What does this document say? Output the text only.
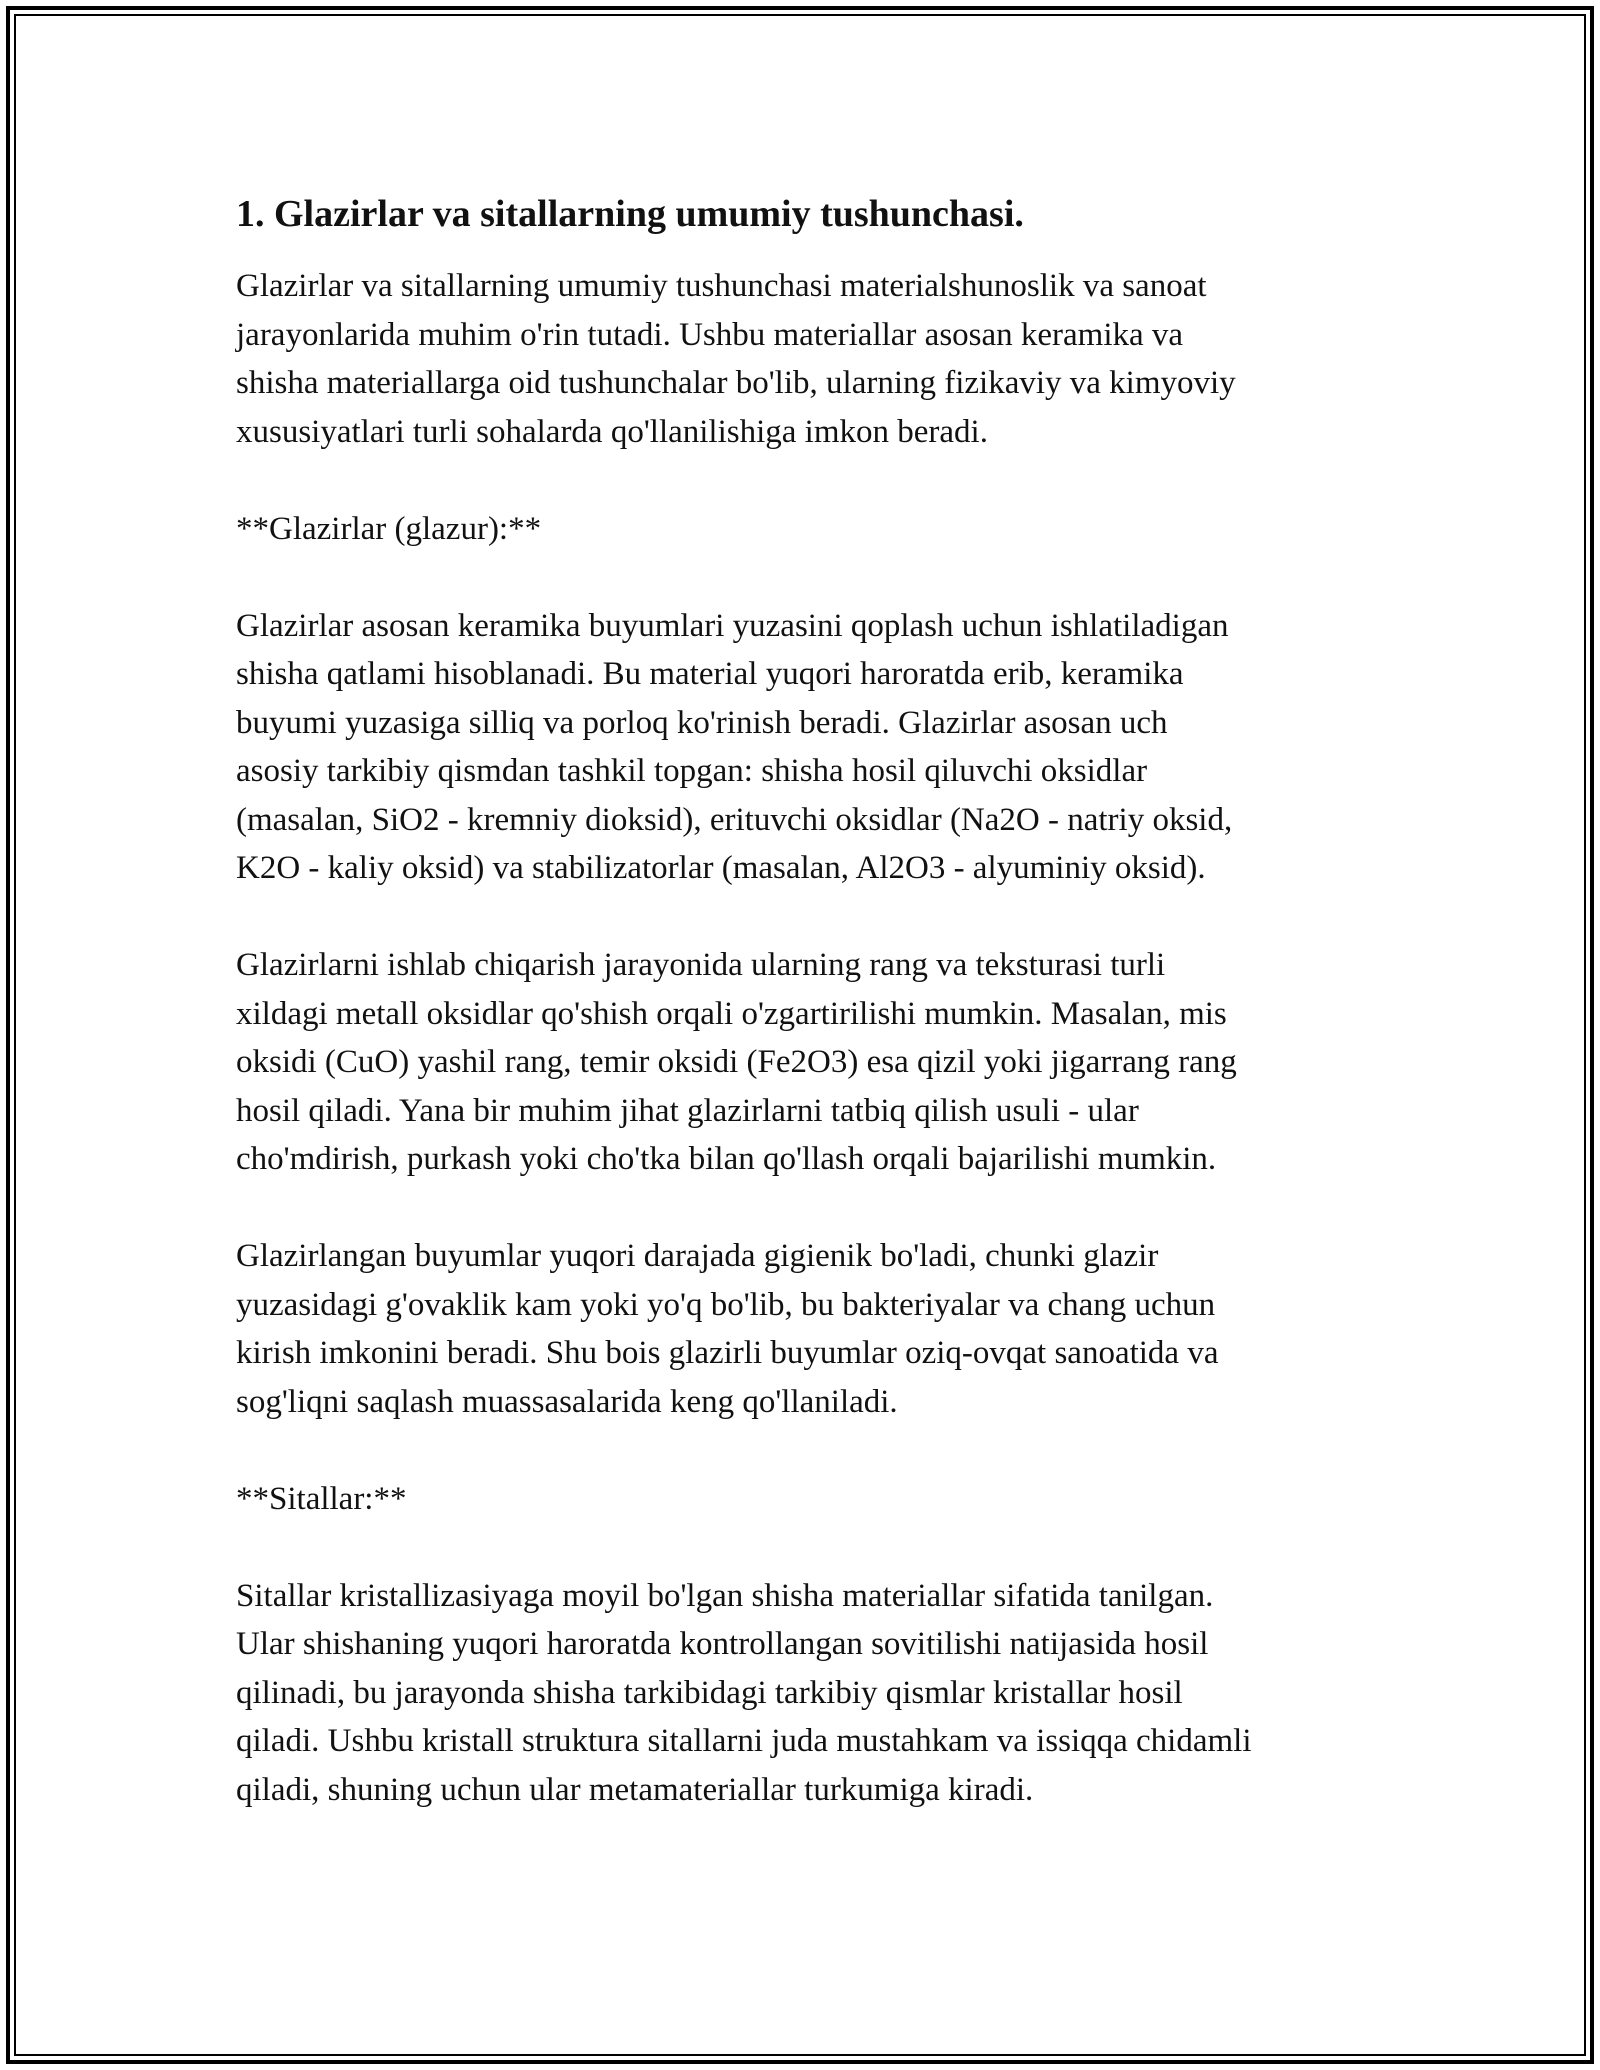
1. Glazirlar va sitallarning umumiy tushunchasi.

Glazirlar va sitallarning umumiy tushunchasi materialshunoslik va sanoat
jarayonlarida muhim o'rin tutadi. Ushbu materiallar asosan keramika va
shisha materiallarga oid tushunchalar bo'lib, ularning fizikaviy va kimyoviy
xususiyatlari turli sohalarda qo'llanilishiga imkon beradi.

**Glazirlar (glazur):**

Glazirlar asosan keramika buyumlari yuzasini qoplash uchun ishlatiladigan
shisha qatlami hisoblanadi. Bu material yuqori haroratda erib, keramika
buyumi yuzasiga silliq va porloq ko'rinish beradi. Glazirlar asosan uch
asosiy tarkibiy qismdan tashkil topgan: shisha hosil qiluvchi oksidlar
(masalan, SiO2 - kremniy dioksid), erituvchi oksidlar (Na2O - natriy oksid,
K2O - kaliy oksid) va stabilizatorlar (masalan, Al2O3 - alyuminiy oksid).

Glazirlarni ishlab chiqarish jarayonida ularning rang va teksturasi turli
xildagi metall oksidlar qo'shish orqali o'zgartirilishi mumkin. Masalan, mis
oksidi (CuO) yashil rang, temir oksidi (Fe2O3) esa qizil yoki jigarrang rang
hosil qiladi. Yana bir muhim jihat glazirlarni tatbiq qilish usuli - ular
cho'mdirish, purkash yoki cho'tka bilan qo'llash orqali bajarilishi mumkin.

Glazirlangan buyumlar yuqori darajada gigienik bo'ladi, chunki glazir
yuzasidagi g'ovaklik kam yoki yo'q bo'lib, bu bakteriyalar va chang uchun
kirish imkonini beradi. Shu bois glazirli buyumlar oziq-ovqat sanoatida va
sog'liqni saqlash muassasalarida keng qo'llaniladi.

**Sitallar:**

Sitallar kristallizasiyaga moyil bo'lgan shisha materiallar sifatida tanilgan.
Ular shishaning yuqori haroratda kontrollangan sovitilishi natijasida hosil
qilinadi, bu jarayonda shisha tarkibidagi tarkibiy qismlar kristallar hosil
qiladi. Ushbu kristall struktura sitallarni juda mustahkam va issiqqa chidamli
qiladi, shuning uchun ular metamateriallar turkumiga kiradi.
